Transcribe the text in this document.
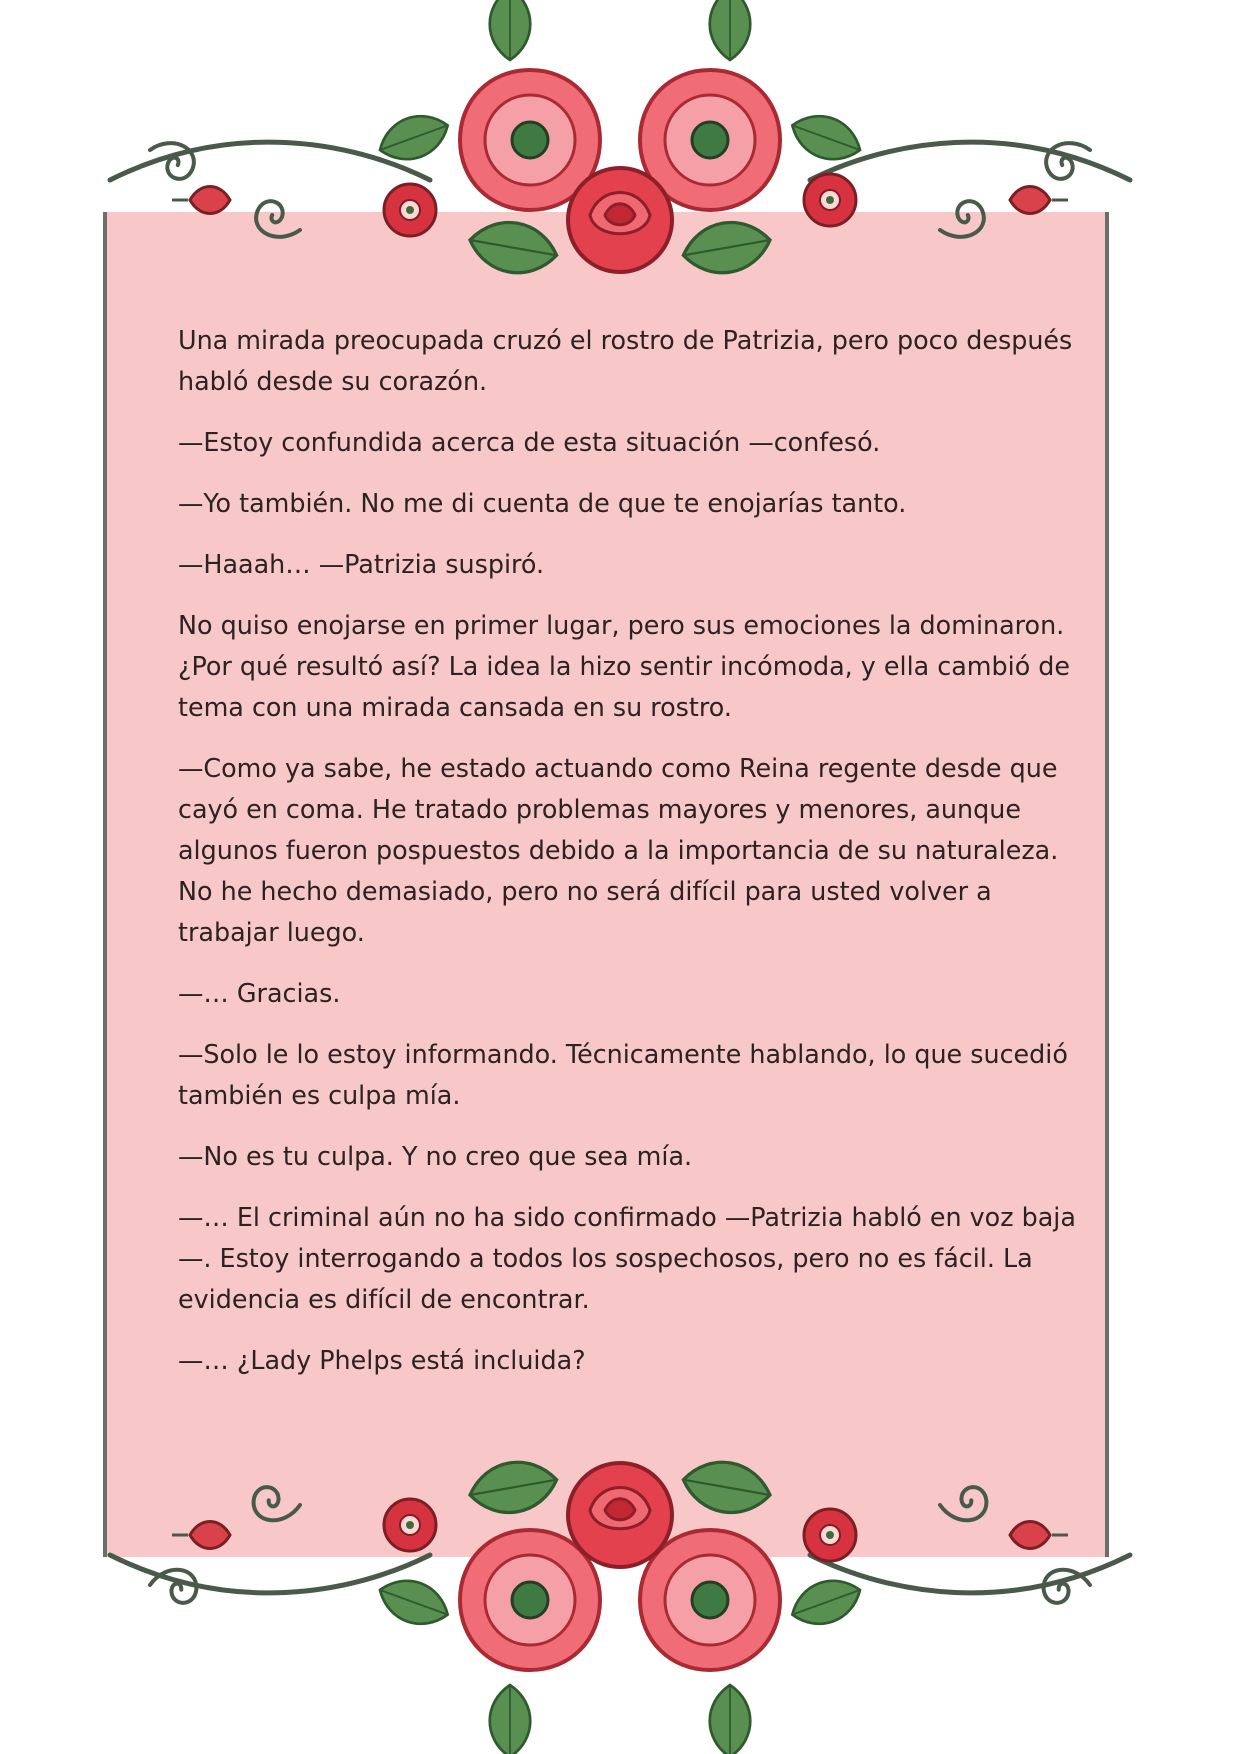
Una mirada preocupada cruzó el rostro de Patrizia, pero poco después habló desde su corazón.

—Estoy confundida acerca de esta situación —confesó.

—Yo también. No me di cuenta de que te enojarías tanto.

—Haaah… —Patrizia suspiró.

No quiso enojarse en primer lugar, pero sus emociones la dominaron. ¿Por qué resultó así? La idea la hizo sentir incómoda, y ella cambió de tema con una mirada cansada en su rostro.

—Como ya sabe, he estado actuando como Reina regente desde que cayó en coma. He tratado problemas mayores y menores, aunque algunos fueron pospuestos debido a la importancia de su naturaleza. No he hecho demasiado, pero no será difícil para usted volver a trabajar luego.

—… Gracias.

—Solo le lo estoy informando. Técnicamente hablando, lo que sucedió también es culpa mía.

—No es tu culpa. Y no creo que sea mía.

—… El criminal aún no ha sido confirmado —Patrizia habló en voz baja—. Estoy interrogando a todos los sospechosos, pero no es fácil. La evidencia es difícil de encontrar.

—… ¿Lady Phelps está incluida?
